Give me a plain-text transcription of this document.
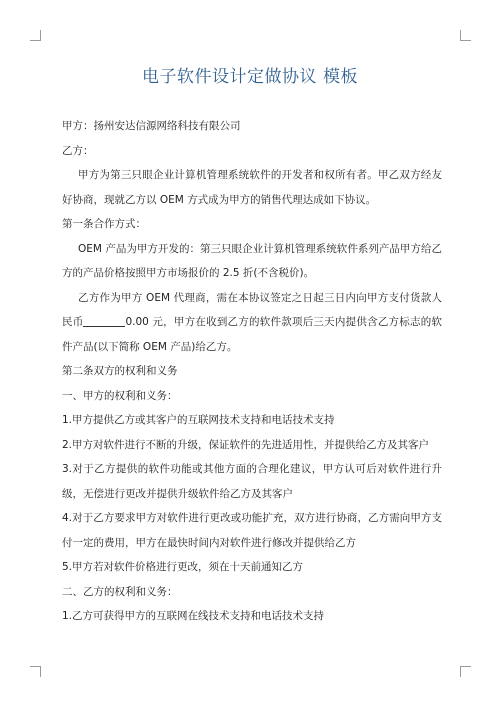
电子软件设计定做协议 模板

甲方：扬州安达信源网络科技有限公司

乙方：

甲方为第三只眼企业计算机管理系统软件的开发者和权所有者。甲乙双方经友好协商，现就乙方以 OEM 方式成为甲方的销售代理达成如下协议。

第一条合作方式：

OEM 产品为甲方开发的：第三只眼企业计算机管理系统软件系列产品甲方给乙方的产品价格按照甲方市场报价的 2.5 折(不含税价)。

乙方作为甲方 OEM 代理商，需在本协议签定之日起三日内向甲方支付货款人民币	0.00 元，甲方在收到乙方的软件款项后三天内提供含乙方标志的软件产品(以下简称 OEM 产品)给乙方。

第二条双方的权利和义务

一、甲方的权利和义务：

1.甲方提供乙方或其客户的互联网技术支持和电话技术支持

2.甲方对软件进行不断的升级，保证软件的先进适用性，并提供给乙方及其客户

3.对于乙方提供的软件功能或其他方面的合理化建议，甲方认可后对软件进行升级，无偿进行更改并提供升级软件给乙方及其客户

4.对于乙方要求甲方对软件进行更改或功能扩充，双方进行协商，乙方需向甲方支付一定的费用，甲方在最快时间内对软件进行修改并提供给乙方

5.甲方若对软件价格进行更改，须在十天前通知乙方

二、乙方的权利和义务：

1.乙方可获得甲方的互联网在线技术支持和电话技术支持
